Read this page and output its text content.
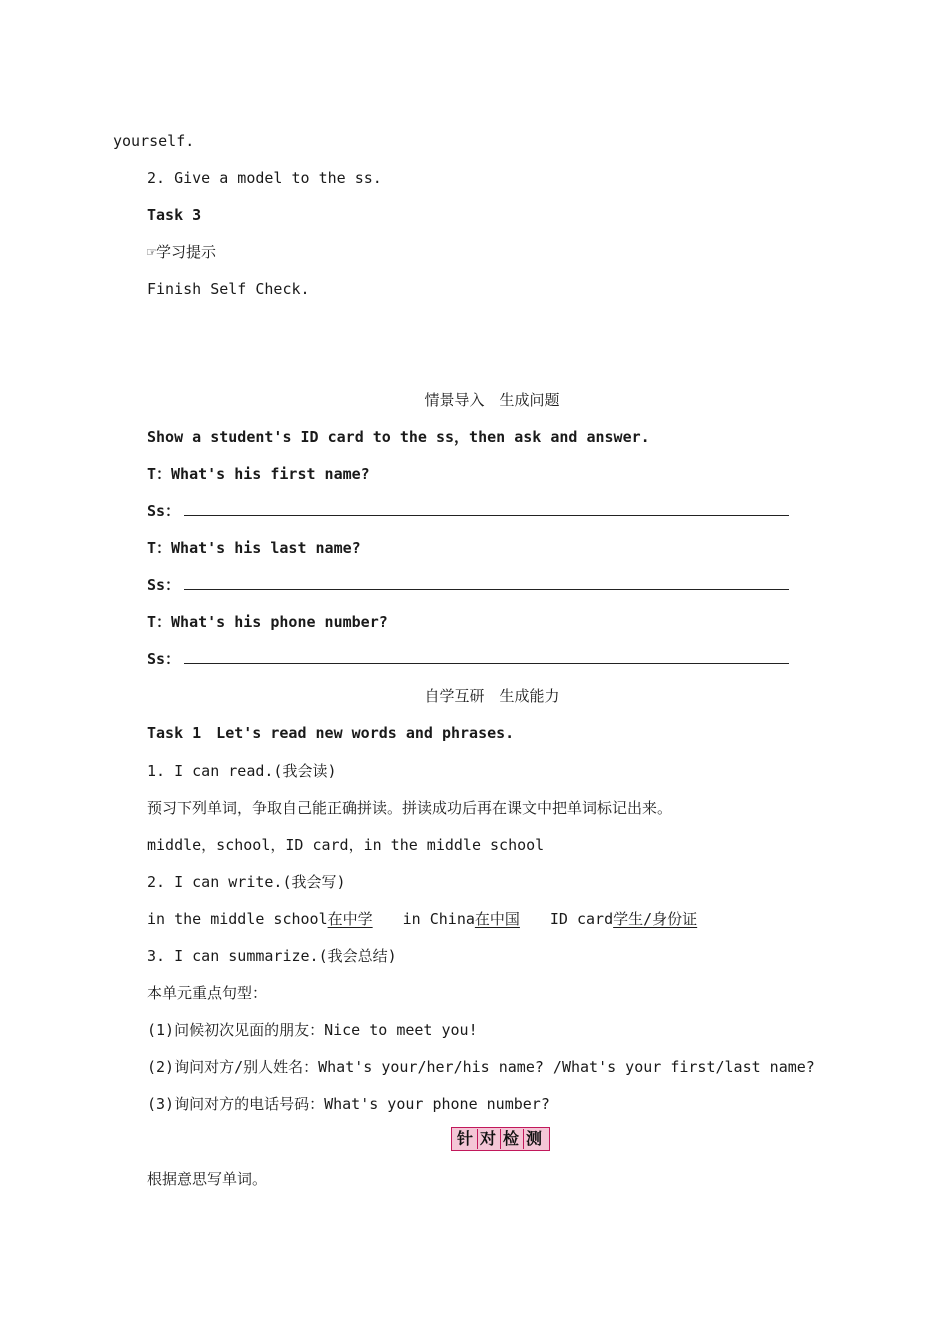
yourself.
2. Give a model to the ss.
Task 3
☞学习提示
Finish Self Check.
情景导入　生成问题
Show a student's ID card to the ss，then ask and answer.
T：What's his first name?
Ss：
T：What's his last name?
Ss：
T：What's his phone number?
Ss：
自学互研　生成能力
Task 1　Let's read new words and phrases.
1. I can read.(我会读)
预习下列单词，争取自己能正确拼读。拼读成功后再在课文中把单词标记出来。
middle，school，ID card，in the middle school
2. I can write.(我会写)
in the middle school在中学 in China在中国 ID card学生/身份证
3. I can summarize.(我会总结)
本单元重点句型：
(1)问候初次见面的朋友：Nice to meet you!
(2)询问对方/别人姓名：What's your/her/his name? /What's your first/last name?
(3)询问对方的电话号码：What's your phone number?
针 对 检 测
根据意思写单词。
